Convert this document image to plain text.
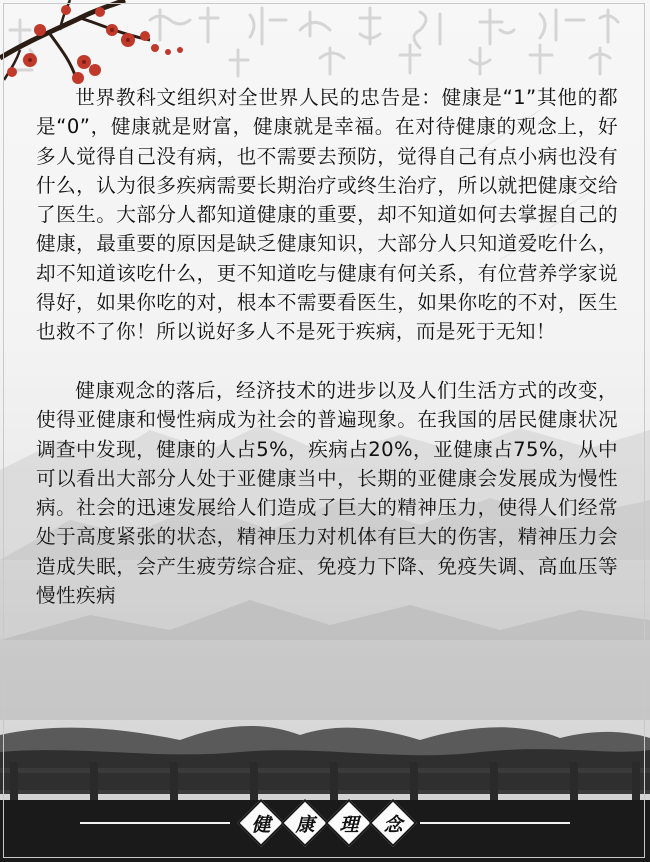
世界教科文组织对全世界人民的忠告是：健康是“1”其他的都是“0”，健康就是财富，健康就是幸福。在对待健康的观念上，好多人觉得自己没有病，也不需要去预防，觉得自己有点小病也没有什么，认为很多疾病需要长期治疗或终生治疗，所以就把健康交给了医生。大部分人都知道健康的重要，却不知道如何去掌握自己的健康，最重要的原因是缺乏健康知识，大部分人只知道爱吃什么，却不知道该吃什么，更不知道吃与健康有何关系，有位营养学家说得好，如果你吃的对，根本不需要看医生，如果你吃的不对，医生也救不了你！所以说好多人不是死于疾病，而是死于无知！

健康观念的落后，经济技术的进步以及人们生活方式的改变，使得亚健康和慢性病成为社会的普遍现象。在我国的居民健康状况调查中发现，健康的人占5%，疾病占20%，亚健康占75%，从中可以看出大部分人处于亚健康当中，长期的亚健康会发展成为慢性病。社会的迅速发展给人们造成了巨大的精神压力，使得人们经常处于高度紧张的状态，精神压力对机体有巨大的伤害，精神压力会造成失眠，会产生疲劳综合症、免疫力下降、免疫失调、高血压等慢性疾病

健	康	理	念
